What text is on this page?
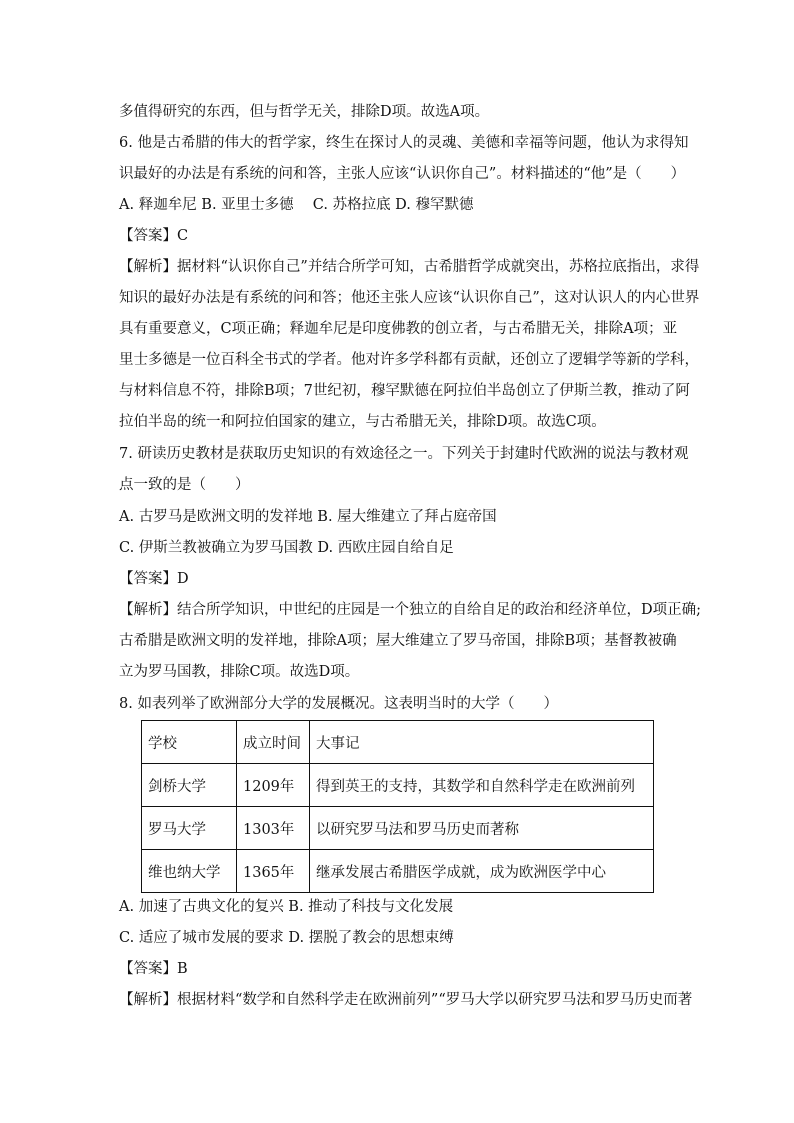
多值得研究的东西，但与哲学无关，排除D项。故选A项。
6. 他是古希腊的伟大的哲学家，终生在探讨人的灵魂、美德和幸福等问题，他认为求得知
识最好的办法是有系统的问和答，主张人应该“认识你自己”。材料描述的“他”是（　　）
A. 释迦牟尼 B. 亚里士多德　 C. 苏格拉底 D. 穆罕默德
【答案】C
【解析】据材料“认识你自己”并结合所学可知，古希腊哲学成就突出，苏格拉底指出，求得
知识的最好办法是有系统的问和答；他还主张人应该“认识你自己”，这对认识人的内心世界
具有重要意义，C项正确；释迦牟尼是印度佛教的创立者，与古希腊无关，排除A项；亚
里士多德是一位百科全书式的学者。他对许多学科都有贡献，还创立了逻辑学等新的学科，
与材料信息不符，排除B项；7世纪初，穆罕默德在阿拉伯半岛创立了伊斯兰教，推动了阿
拉伯半岛的统一和阿拉伯国家的建立，与古希腊无关，排除D项。故选C项。
7. 研读历史教材是获取历史知识的有效途径之一。下列关于封建时代欧洲的说法与教材观
点一致的是（　　）
A. 古罗马是欧洲文明的发祥地 B. 屋大维建立了拜占庭帝国
C. 伊斯兰教被确立为罗马国教 D. 西欧庄园自给自足
【答案】D
【解析】结合所学知识，中世纪的庄园是一个独立的自给自足的政治和经济单位，D项正确;
古希腊是欧洲文明的发祥地，排除A项；屋大维建立了罗马帝国，排除B项；基督教被确
立为罗马国教，排除C项。故选D项。
8. 如表列举了欧洲部分大学的发展概况。这表明当时的大学（　　）
学校	成立时间	大事记
剑桥大学	1209年	得到英王的支持，其数学和自然科学走在欧洲前列
罗马大学	1303年	以研究罗马法和罗马历史而著称
维也纳大学	1365年	继承发展古希腊医学成就，成为欧洲医学中心
A. 加速了古典文化的复兴 B. 推动了科技与文化发展
C. 适应了城市发展的要求 D. 摆脱了教会的思想束缚
【答案】B
【解析】根据材料“数学和自然科学走在欧洲前列”“罗马大学以研究罗马法和罗马历史而著
